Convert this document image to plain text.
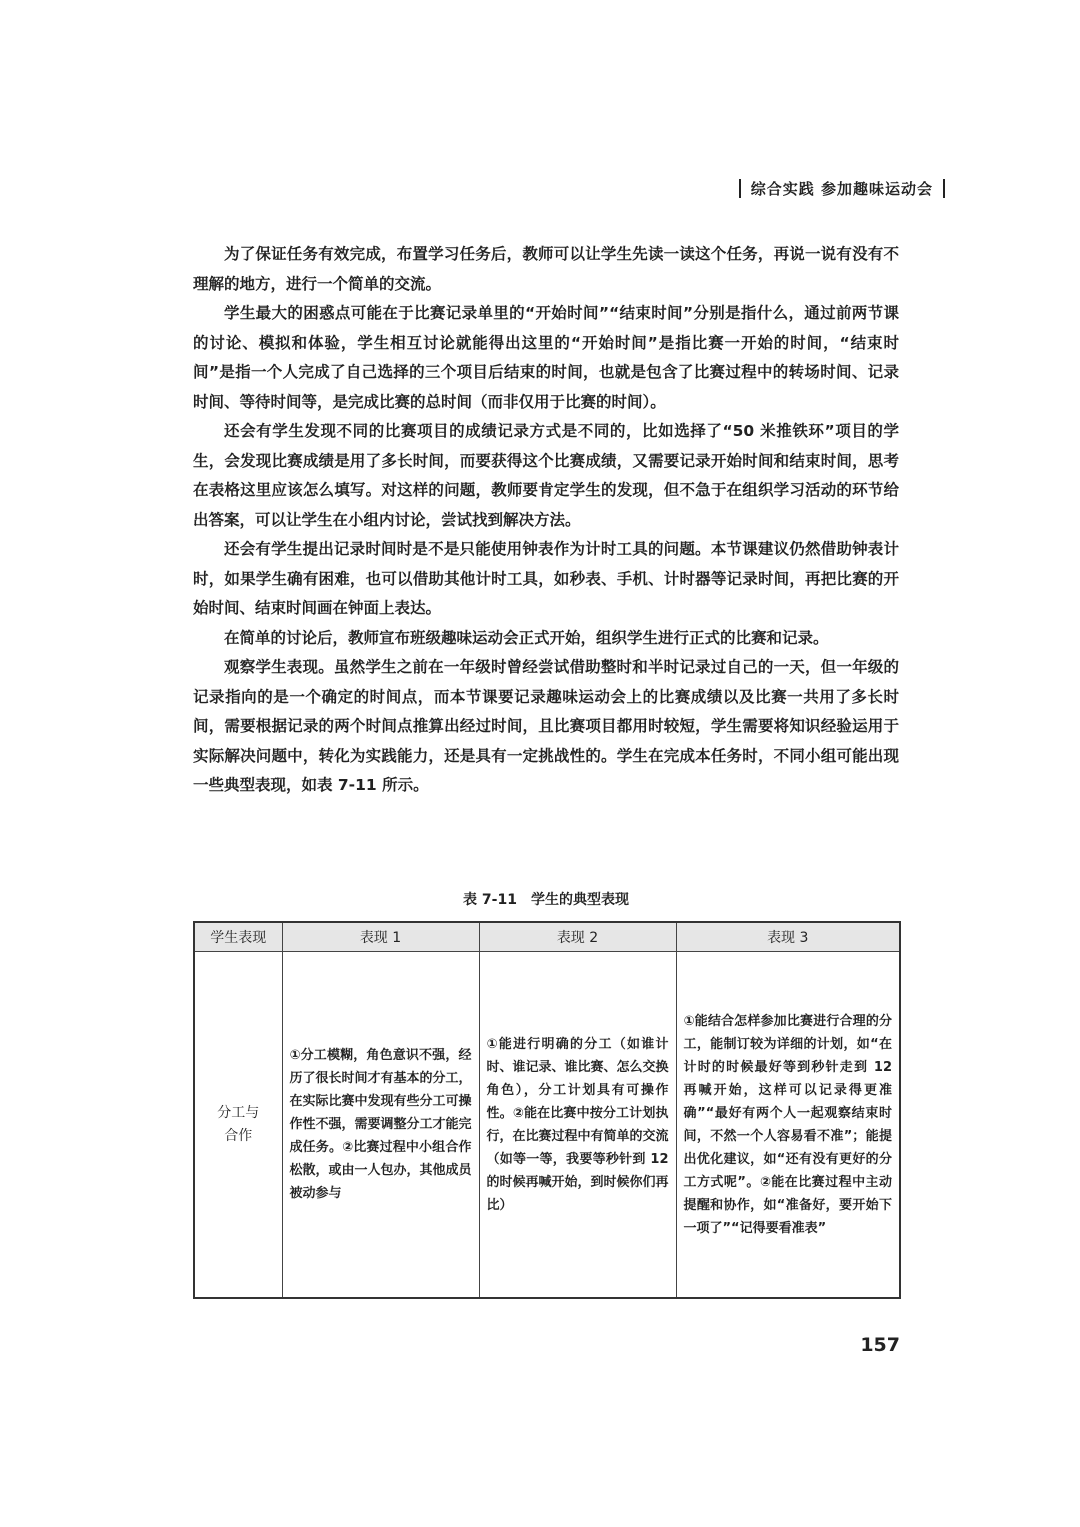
综合实践 参加趣味运动会

为了保证任务有效完成，布置学习任务后，教师可以让学生先读一读这个任务，再说一说有没有不理解的地方，进行一个简单的交流。

学生最大的困惑点可能在于比赛记录单里的“开始时间”“结束时间”分别是指什么，通过前两节课的讨论、模拟和体验，学生相互讨论就能得出这里的“开始时间”是指比赛一开始的时间，“结束时间”是指一个人完成了自己选择的三个项目后结束的时间，也就是包含了比赛过程中的转场时间、记录时间、等待时间等，是完成比赛的总时间（而非仅用于比赛的时间）。

还会有学生发现不同的比赛项目的成绩记录方式是不同的，比如选择了“50 米推铁环”项目的学生，会发现比赛成绩是用了多长时间，而要获得这个比赛成绩，又需要记录开始时间和结束时间，思考在表格这里应该怎么填写。对这样的问题，教师要肯定学生的发现，但不急于在组织学习活动的环节给出答案，可以让学生在小组内讨论，尝试找到解决方法。

还会有学生提出记录时间时是不是只能使用钟表作为计时工具的问题。本节课建议仍然借助钟表计时，如果学生确有困难，也可以借助其他计时工具，如秒表、手机、计时器等记录时间，再把比赛的开始时间、结束时间画在钟面上表达。

在简单的讨论后，教师宣布班级趣味运动会正式开始，组织学生进行正式的比赛和记录。

观察学生表现。虽然学生之前在一年级时曾经尝试借助整时和半时记录过自己的一天，但一年级的记录指向的是一个确定的时间点，而本节课要记录趣味运动会上的比赛成绩以及比赛一共用了多长时间，需要根据记录的两个时间点推算出经过时间，且比赛项目都用时较短，学生需要将知识经验运用于实际解决问题中，转化为实践能力，还是具有一定挑战性的。学生在完成本任务时，不同小组可能出现一些典型表现，如表 7-11 所示。

表 7-11　学生的典型表现
学生表现	表现 1	表现 2	表现 3
分工与合作	①分工模糊，角色意识不强，经历了很长时间才有基本的分工，在实际比赛中发现有些分工可操作性不强，需要调整分工才能完成任务。②比赛过程中小组合作松散，或由一人包办，其他成员被动参与	①能进行明确的分工（如谁计时、谁记录、谁比赛、怎么交换角色），分工计划具有可操作性。②能在比赛中按分工计划执行，在比赛过程中有简单的交流（如等一等，我要等秒针到 12 的时候再喊开始，到时候你们再比）	①能结合怎样参加比赛进行合理的分工，能制订较为详细的计划，如“在计时的时候最好等到秒针走到 12 再喊开始，这样可以记录得更准确”“最好有两个人一起观察结束时间，不然一个人容易看不准”；能提出优化建议，如“还有没有更好的分工方式呢”。②能在比赛过程中主动提醒和协作，如“准备好，要开始下一项了”“记得要看准表”
157
